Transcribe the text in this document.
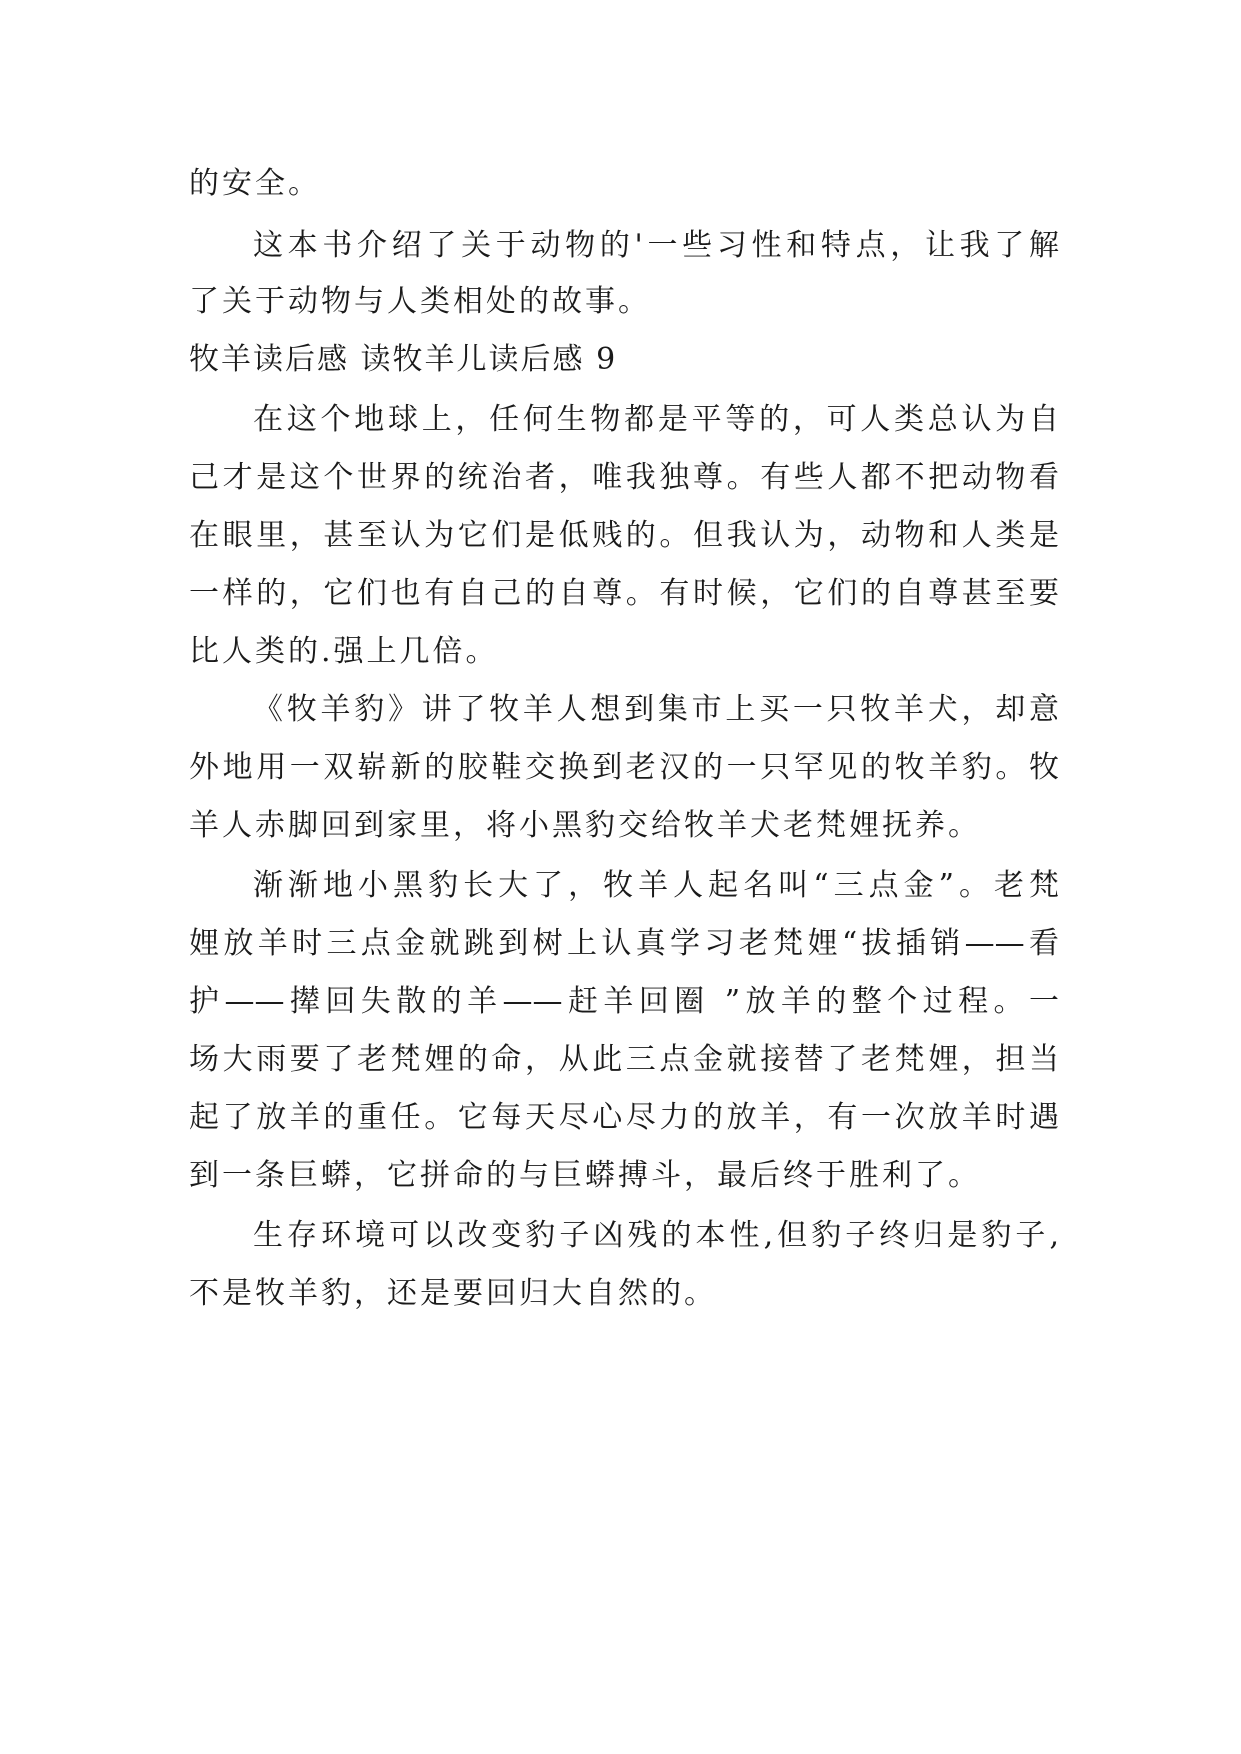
的安全。
这本书介绍了关于动物的'一些习性和特点，让我了解
了关于动物与人类相处的故事。
牧羊读后感 读牧羊儿读后感 9
在这个地球上，任何生物都是平等的，可人类总认为自
己才是这个世界的统治者，唯我独尊。有些人都不把动物看
在眼里，甚至认为它们是低贱的。但我认为，动物和人类是
一样的，它们也有自己的自尊。有时候，它们的自尊甚至要
比人类的.强上几倍。
《牧羊豹》讲了牧羊人想到集市上买一只牧羊犬，却意
外地用一双崭新的胶鞋交换到老汉的一只罕见的牧羊豹。牧
羊人赤脚回到家里，将小黑豹交给牧羊犬老梵娌抚养。
渐渐地小黑豹长大了，牧羊人起名叫“三点金”。老梵
娌放羊时三点金就跳到树上认真学习老梵娌“拔插销——看
护——撵回失散的羊——赶羊回圈 ”放羊的整个过程。一
场大雨要了老梵娌的命，从此三点金就接替了老梵娌，担当
起了放羊的重任。它每天尽心尽力的放羊，有一次放羊时遇
到一条巨蟒，它拼命的与巨蟒搏斗，最后终于胜利了。
生存环境可以改变豹子凶残的本性,但豹子终归是豹子,
不是牧羊豹，还是要回归大自然的。
